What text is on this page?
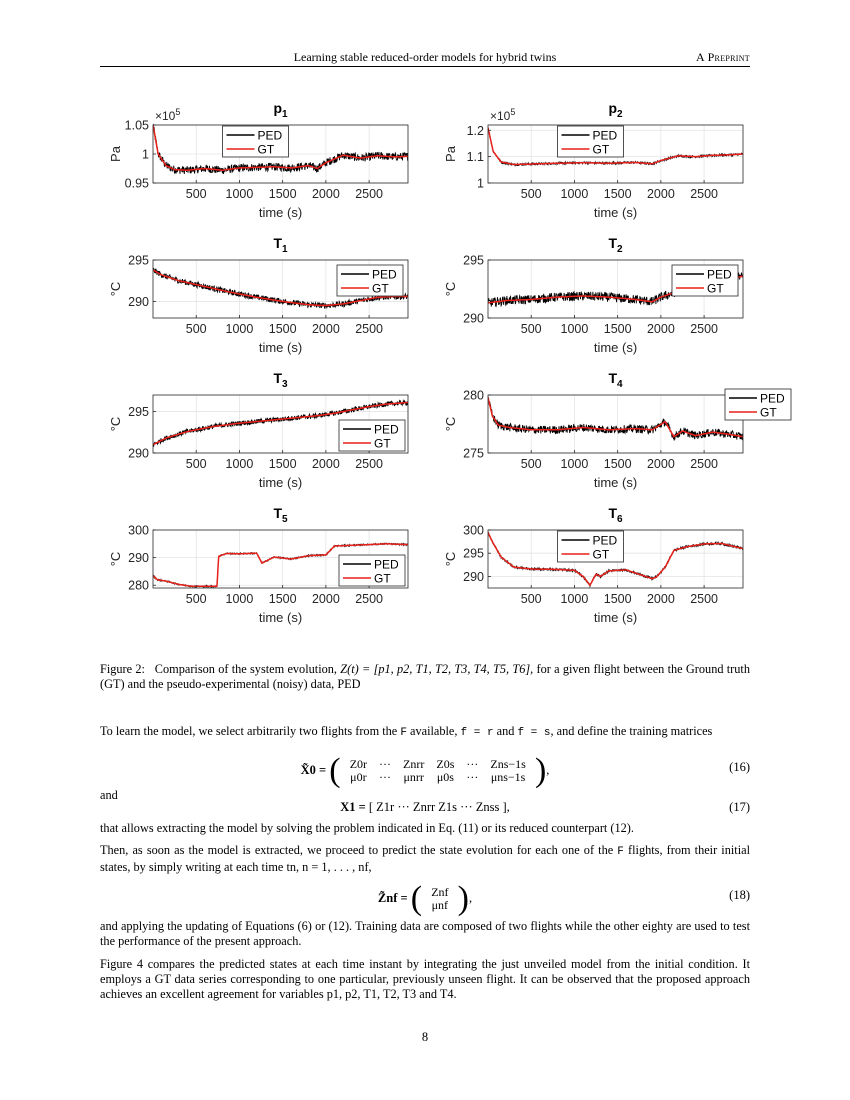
Learning stable reduced-order models for hybrid twins	A Preprint
500 1000 1500 2000 2500
0.95
1
1.05
$p_1$
$\times 10^5$
Pa
time (s)
PED
GT
500 1000 1500 2000 2500
1
1.1
1.2
$p_2$
$\times 10^5$
Pa
time (s)
PED
GT
500 1000 1500 2000 2500
290
295
$T_1$
°C
time (s)
PED
GT
500 1000 1500 2000 2500
290
295
$T_2$
°C
time (s)
PED
GT
500 1000 1500 2000 2500
290
295
$T_3$
°C
time (s)
PED
GT
500 1000 1500 2000 2500
275
280
$T_4$
°C
time (s)
PED
GT
500 1000 1500 2000 2500
280
290
300
$T_5$
°C
time (s)
PED
GT
500 1000 1500 2000 2500
290
295
300
$T_6$
°C
time (s)
PED
GT
Figure 2: Comparison of the system evolution, Z(t) = [p1, p2, T1, T2, T3, T4, T5, T6], for a given flight between the Ground truth (GT) and the pseudo-experimental (noisy) data, PED
To learn the model, we select arbitrarily two flights from the F available, f = r and f = s, and define the training matrices
X̃0 = ( Z0r	···	Znrr	Z0s	···	Zns−1s
μ0r	···	μnrr	μ0s	···	μns−1s ),	(16)
and
X1 = [ Z1r ··· Znrr Z1s ··· Znss ],	(17)
that allows extracting the model by solving the problem indicated in Eq. (11) or its reduced counterpart (12).
Then, as soon as the model is extracted, we proceed to predict the state evolution for each one of the F flights, from their initial states, by simply writing at each time tn, n = 1, . . . , nf,
Z̃nf = ( Znf
μnf ),	(18)
and applying the updating of Equations (6) or (12). Training data are composed of two flights while the other eighty are used to test the performance of the present approach.
Figure 4 compares the predicted states at each time instant by integrating the just unveiled model from the initial condition. It employs a GT data series corresponding to one particular, previously unseen flight. It can be observed that the proposed approach achieves an excellent agreement for variables p1, p2, T1, T2, T3 and T4.
8
